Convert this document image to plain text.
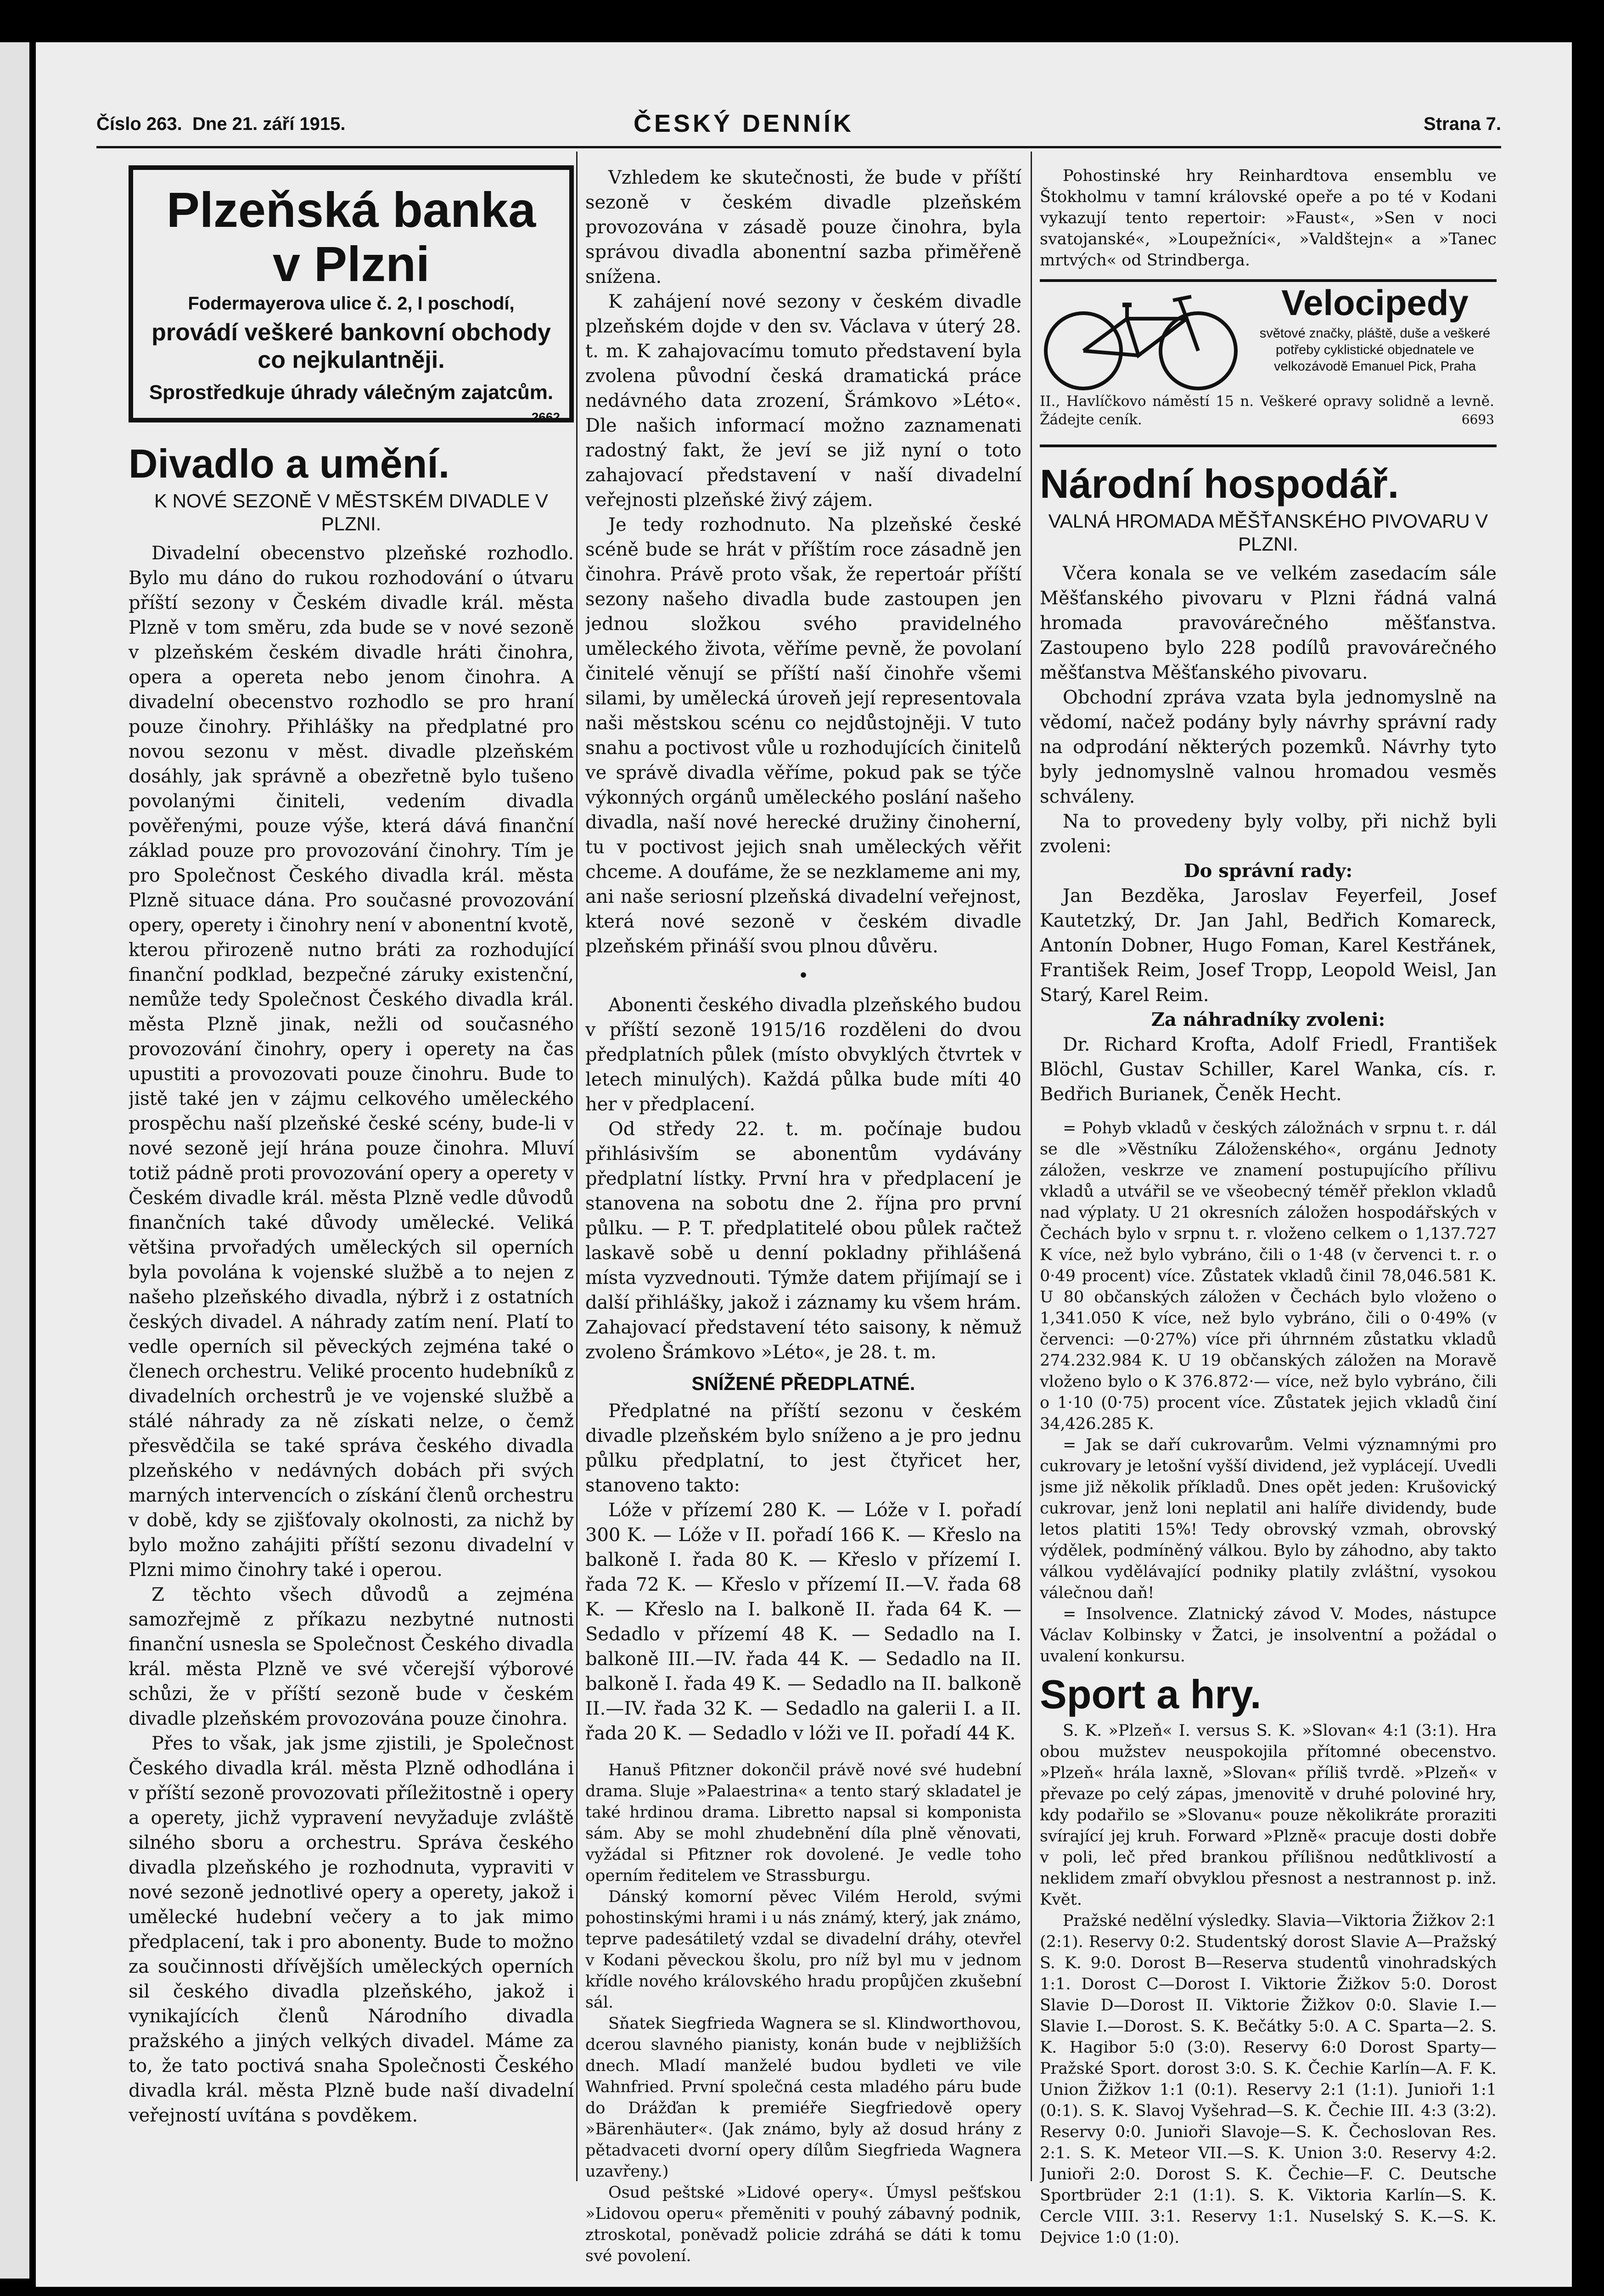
Číslo 263. Dne 21. září 1915.	ČESKÝ DENNÍK	Strana 7.
Plzeňská banka
v Plzni
Fodermayerova ulice č. 2, I poschodí,
provádí veškeré bankovní obchody co nejkulantněji.
Sprostředkuje úhrady válečným zajatcům.
2662
Divadlo a umění.
K NOVÉ SEZONĚ V MĚSTSKÉM DIVADLE V PLZNI.

Divadelní obecenstvo plzeňské rozhodlo. Bylo mu dáno do rukou rozhodování o útvaru příští sezony v Českém divadle král. města Plzně v tom směru, zda bude se v nové sezoně v plzeňském českém divadle hráti činohra, opera a opereta nebo jenom činohra. A divadelní obecenstvo rozhodlo se pro hraní pouze činohry. Přihlášky na předplatné pro novou sezonu v měst. divadle plzeňském dosáhly, jak správně a obezřetně bylo tušeno povolanými činiteli, vedením divadla pověřenými, pouze výše, která dává finanční základ pouze pro provozování činohry. Tím je pro Společnost Českého divadla král. města Plzně situace dána. Pro současné provozování opery, operety i činohry není v abonentní kvotě, kterou přirozeně nutno bráti za rozhodující finanční podklad, bezpečné záruky existenční, nemůže tedy Společnost Českého divadla král. města Plzně jinak, nežli od současného provozování činohry, opery i operety na čas upustiti a provozovati pouze činohru. Bude to jistě také jen v zájmu celkového uměleckého prospěchu naší plzeňské české scény, bude-li v nové sezoně její hrána pouze činohra. Mluví totiž pádně proti provozování opery a operety v Českém divadle král. města Plzně vedle důvodů finančních také důvody umělecké. Veliká většina prvořadých uměleckých sil operních byla povolána k vojenské službě a to nejen z našeho plzeňského divadla, nýbrž i z ostatních českých divadel. A náhrady zatím není. Platí to vedle operních sil pěveckých zejména také o členech orchestru. Veliké procento hudebníků z divadelních orchestrů je ve vojenské službě a stálé náhrady za ně získati nelze, o čemž přesvědčila se také správa českého divadla plzeňského v nedávných dobách při svých marných intervencích o získání členů orchestru v době, kdy se zjišťovaly okolnosti, za nichž by bylo možno zahájiti příští sezonu divadelní v Plzni mimo činohry také i operou.

Z těchto všech důvodů a zejména samozřejmě z příkazu nezbytné nutnosti finanční usnesla se Společnost Českého divadla král. města Plzně ve své včerejší výborové schůzi, že v příští sezoně bude v českém divadle plzeňském provozována pouze činohra.

Přes to však, jak jsme zjistili, je Společnost Českého divadla král. města Plzně odhodlána i v příští sezoně provozovati příležitostně i opery a operety, jichž vypravení nevyžaduje zvláště silného sboru a orchestru. Správa českého divadla plzeňského je rozhodnuta, vypraviti v nové sezoně jednotlivé opery a operety, jakož i umělecké hudební večery a to jak mimo předplacení, tak i pro abonenty. Bude to možno za součinnosti dřívějších uměleckých operních sil českého divadla plzeňského, jakož i vynikajících členů Národního divadla pražského a jiných velkých divadel. Máme za to, že tato poctivá snaha Společnosti Českého divadla král. města Plzně bude naší divadelní veřejností uvítána s povděkem.

Vzhledem ke skutečnosti, že bude v příští sezoně v českém divadle plzeňském provozována v zásadě pouze činohra, byla správou divadla abonentní sazba přiměřeně snížena.

K zahájení nové sezony v českém divadle plzeňském dojde v den sv. Václava v úterý 28. t. m. K zahajovacímu tomuto představení byla zvolena původní česká dramatická práce nedávného data zrození, Šrámkovo »Léto«. Dle našich informací možno zaznamenati radostný fakt, že jeví se již nyní o toto zahajovací představení v naší divadelní veřejnosti plzeňské živý zájem.

Je tedy rozhodnuto. Na plzeňské české scéně bude se hrát v příštím roce zásadně jen činohra. Právě proto však, že repertoár příští sezony našeho divadla bude zastoupen jen jednou složkou svého pravidelného uměleckého života, věříme pevně, že povolaní činitelé věnují se příští naší činohře všemi silami, by umělecká úroveň její representovala naši městskou scénu co nejdůstojněji. V tuto snahu a poctivost vůle u rozhodujících činitelů ve správě divadla věříme, pokud pak se týče výkonných orgánů uměleckého poslání našeho divadla, naší nové herecké družiny činoherní, tu v poctivost jejich snah uměleckých věřit chceme. A doufáme, že se nezklameme ani my, ani naše seriosní plzeňská divadelní veřejnost, která nové sezoně v českém divadle plzeňském přináší svou plnou důvěru.

•

Abonenti českého divadla plzeňského budou v příští sezoně 1915/16 rozděleni do dvou předplatních půlek (místo obvyklých čtvrtek v letech minulých). Každá půlka bude míti 40 her v předplacení.

Od středy 22. t. m. počínaje budou přihlásivším se abonentům vydávány předplatní lístky. První hra v předplacení je stanovena na sobotu dne 2. října pro první půlku. — P. T. předplatitelé obou půlek račtež laskavě sobě u denní pokladny přihlášená místa vyzvednouti. Týmže datem přijímají se i další přihlášky, jakož i záznamy ku všem hrám. Zahajovací představení této saisony, k němuž zvoleno Šrámkovo »Léto«, je 28. t. m.

SNÍŽENÉ PŘEDPLATNÉ.

Předplatné na příští sezonu v českém divadle plzeňském bylo sníženo a je pro jednu půlku předplatní, to jest čtyřicet her, stanoveno takto:

Lóže v přízemí 280 K. — Lóže v I. pořadí 300 K. — Lóže v II. pořadí 166 K. — Křeslo na balkoně I. řada 80 K. — Křeslo v přízemí I. řada 72 K. — Křeslo v přízemí II.—V. řada 68 K. — Křeslo na I. balkoně II. řada 64 K. — Sedadlo v přízemí 48 K. — Sedadlo na I. balkoně III.—IV. řada 44 K. — Sedadlo na II. balkoně I. řada 49 K. — Sedadlo na II. balkoně II.—IV. řada 32 K. — Sedadlo na galerii I. a II. řada 20 K. — Sedadlo v lóži ve II. pořadí 44 K.

Hanuš Pfitzner dokončil právě nové své hudební drama. Sluje »Palaestrina« a tento starý skladatel je také hrdinou drama. Libretto napsal si komponista sám. Aby se mohl zhudebnění díla plně věnovati, vyžádal si Pfitzner rok dovolené. Je vedle toho operním ředitelem ve Strassburgu.

Dánský komorní pěvec Vilém Herold, svými pohostinskými hrami i u nás známý, který, jak známo, teprve padesátiletý vzdal se divadelní dráhy, otevřel v Kodani pěveckou školu, pro níž byl mu v jednom křídle nového královského hradu propůjčen zkušební sál.

Sňatek Siegfrieda Wagnera se sl. Klindworthovou, dcerou slavného pianisty, konán bude v nejbližších dnech. Mladí manželé budou bydleti ve vile Wahnfried. První společná cesta mladého páru bude do Drážďan k premiéře Siegfriedově opery »Bärenhäuter«. (Jak známo, byly až dosud hrány z pětadvaceti dvorní opery dílům Siegfrieda Wagnera uzavřeny.)

Osud peštské »Lidové opery«. Úmysl pešťskou »Lidovou operu« přeměniti v pouhý zábavný podnik, ztroskotal, poněvadž policie zdráhá se dáti k tomu své povolení.

Pohostinské hry Reinhardtova ensemblu ve Štokholmu v tamní královské opeře a po té v Kodani vykazují tento repertoir: »Faust«, »Sen v noci svatojanské«, »Loupežníci«, »Valdštejn« a »Tanec mrtvých« od Strindberga.

Velocipedy
světové značky, pláště, duše a veškeré potřeby cyklistické objednatele ve velkozávodě Emanuel Pick, Praha
II., Havlíčkovo náměstí 15 n. Veškeré opravy solidně a levně. Žádejte ceník.	6693
Národní hospodář.
VALNÁ HROMADA MĚŠŤANSKÉHO PIVOVARU V PLZNI.

Včera konala se ve velkém zasedacím sále Měšťanského pivovaru v Plzni řádná valná hromada pravovárečného měšťanstva. Zastoupeno bylo 228 podílů pravovárečného měšťanstva Měšťanského pivovaru.

Obchodní zpráva vzata byla jednomyslně na vědomí, načež podány byly návrhy správní rady na odprodání některých pozemků. Návrhy tyto byly jednomyslně valnou hromadou vesměs schváleny.

Na to provedeny byly volby, při nichž byli zvoleni:

Do správní rady:

Jan Bezděka, Jaroslav Feyerfeil, Josef Kautetzký, Dr. Jan Jahl, Bedřich Komareck, Antonín Dobner, Hugo Foman, Karel Kestřánek, František Reim, Josef Tropp, Leopold Weisl, Jan Starý, Karel Reim.

Za náhradníky zvoleni:

Dr. Richard Krofta, Adolf Friedl, František Blöchl, Gustav Schiller, Karel Wanka, cís. r. Bedřich Burianek, Čeněk Hecht.

= Pohyb vkladů v českých záložnách v srpnu t. r. dál se dle »Věstníku Záloženského«, orgánu Jednoty záložen, veskrze ve znamení postupujícího přílivu vkladů a utvářil se ve všeobecný téměř překlon vkladů nad výplaty. U 21 okresních záložen hospodářských v Čechách bylo v srpnu t. r. vloženo celkem o 1,137.727 K více, než bylo vybráno, čili o 1·48 (v červenci t. r. o 0·49 procent) více. Zůstatek vkladů činil 78,046.581 K. U 80 občanských záložen v Čechách bylo vloženo o 1,341.050 K více, než bylo vybráno, čili o 0·49% (v červenci: —0·27%) více při úhrnném zůstatku vkladů 274.232.984 K. U 19 občanských záložen na Moravě vloženo bylo o K 376.872·— více, než bylo vybráno, čili o 1·10 (0·75) procent více. Zůstatek jejich vkladů činí 34,426.285 K.

= Jak se daří cukrovarům. Velmi významnými pro cukrovary je letošní vyšší dividend, jež vyplácejí. Uvedli jsme již několik příkladů. Dnes opět jeden: Krušovický cukrovar, jenž loni neplatil ani halíře dividendy, bude letos platiti 15%! Tedy obrovský vzmah, obrovský výdělek, podmíněný válkou. Bylo by záhodno, aby takto válkou vydělávající podniky platily zvláštní, vysokou válečnou daň!

= Insolvence. Zlatnický závod V. Modes, nástupce Václav Kolbinsky v Žatci, je insolventní a požádal o uvalení konkursu.

Sport a hry.

S. K. »Plzeň« I. versus S. K. »Slovan« 4:1 (3:1). Hra obou mužstev neuspokojila přítomné obecenstvo. »Plzeň« hrála laxně, »Slovan« příliš tvrdě. »Plzeň« v převaze po celý zápas, jmenovitě v druhé poloviné hry, kdy podařilo se »Slovanu« pouze několikráte proraziti svírající jej kruh. Forward »Plzně« pracuje dosti dobře v poli, leč před brankou přílišnou nedůtklivostí a neklidem zmaří obvyklou přesnost a nestrannost p. inž. Květ.

Pražské nedělní výsledky. Slavia—Viktoria Žižkov 2:1 (2:1). Reservy 0:2. Studentský dorost Slavie A—Pražský S. K. 9:0. Dorost B—Reserva studentů vinohradských 1:1. Dorost C—Dorost I. Viktorie Žižkov 5:0. Dorost Slavie D—Dorost II. Viktorie Žižkov 0:0. Slavie I.—Slavie I.—Dorost. S. K. Bečátky 5:0. A C. Sparta—2. S. K. Hagibor 5:0 (3:0). Reservy 6:0 Dorost Sparty—Pražské Sport. dorost 3:0. S. K. Čechie Karlín—A. F. K. Union Žižkov 1:1 (0:1). Reservy 2:1 (1:1). Junioři 1:1 (0:1). S. K. Slavoj Vyšehrad—S. K. Čechie III. 4:3 (3:2). Reservy 0:0. Junioři Slavoje—S. K. Čechoslovan Res. 2:1. S. K. Meteor VII.—S. K. Union 3:0. Reservy 4:2. Junioři 2:0. Dorost S. K. Čechie—F. C. Deutsche Sportbrüder 2:1 (1:1). S. K. Viktoria Karlín—S. K. Cercle VIII. 3:1. Reservy 1:1. Nuselský S. K.—S. K. Dejvice 1:0 (1:0).
